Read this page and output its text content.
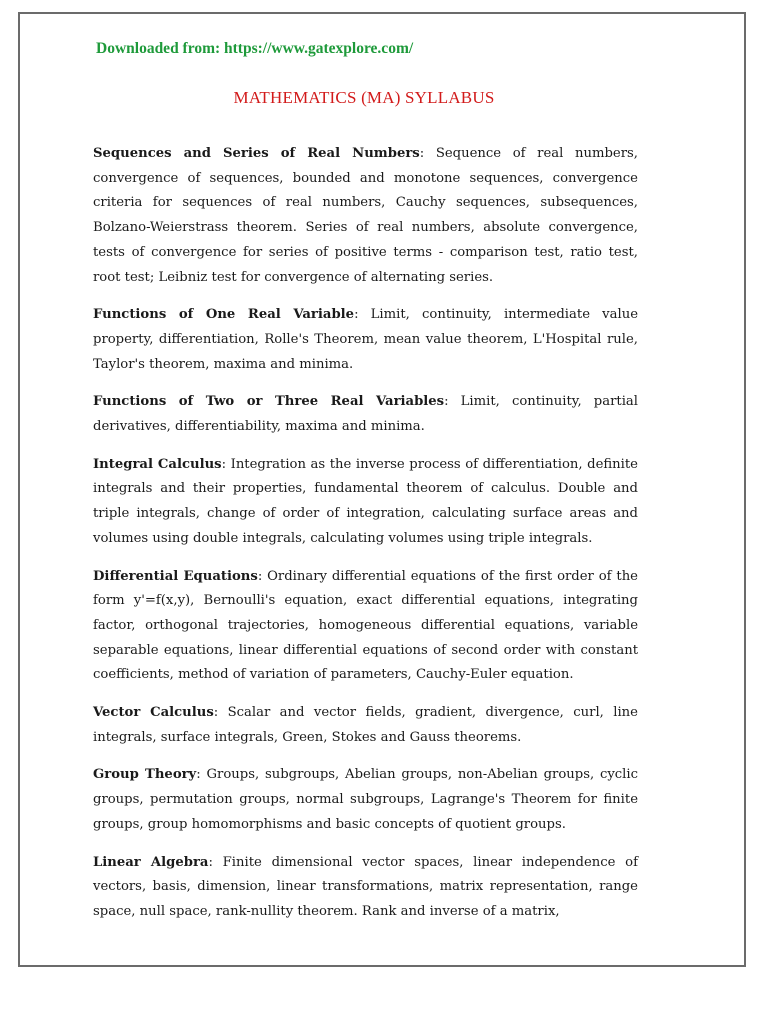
Downloaded from: https://www.gatexplore.com/
MATHEMATICS (MA) SYLLABUS

Sequences and Series of Real Numbers: Sequence of real numbers, convergence of sequences, bounded and monotone sequences, convergence criteria for sequences of real numbers, Cauchy sequences, subsequences, Bolzano-Weierstrass theorem. Series of real numbers, absolute convergence, tests of convergence for series of positive terms - comparison test, ratio test, root test; Leibniz test for convergence of alternating series.

Functions of One Real Variable: Limit, continuity, intermediate value property, differentiation, Rolle's Theorem, mean value theorem, L'Hospital rule, Taylor's theorem, maxima and minima.

Functions of Two or Three Real Variables: Limit, continuity, partial derivatives, differentiability, maxima and minima.

Integral Calculus: Integration as the inverse process of differentiation, definite integrals and their properties, fundamental theorem of calculus. Double and triple integrals, change of order of integration, calculating surface areas and volumes using double integrals, calculating volumes using triple integrals.

Differential Equations: Ordinary differential equations of the first order of the form y'=f(x,y), Bernoulli's equation, exact differential equations, integrating factor, orthogonal trajectories, homogeneous differential equations, variable separable equations, linear differential equations of second order with constant coefficients, method of variation of parameters, Cauchy-Euler equation.

Vector Calculus: Scalar and vector fields, gradient, divergence, curl, line integrals, surface integrals, Green, Stokes and Gauss theorems.

Group Theory: Groups, subgroups, Abelian groups, non-Abelian groups, cyclic groups, permutation groups, normal subgroups, Lagrange's Theorem for finite groups, group homomorphisms and basic concepts of quotient groups.

Linear Algebra: Finite dimensional vector spaces, linear independence of vectors, basis, dimension, linear transformations, matrix representation, range space, null space, rank-nullity theorem. Rank and inverse of a matrix,
